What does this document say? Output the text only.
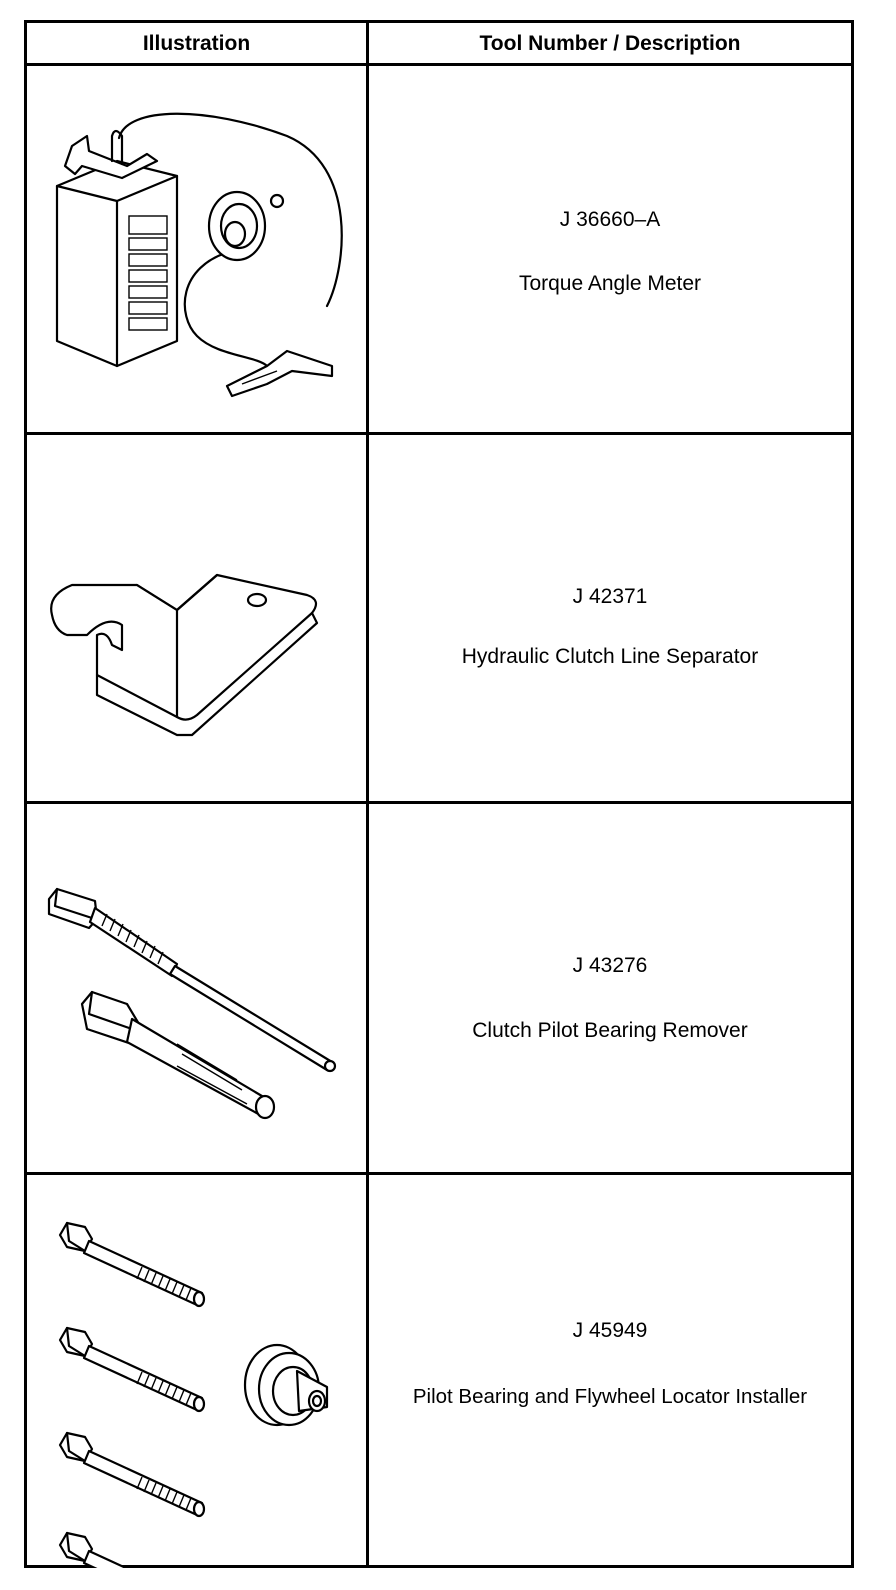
Illustration	Tool Number / Description
J 36660–A
Torque Angle Meter
J 42371
Hydraulic Clutch Line Separator
J 43276
Clutch Pilot Bearing Remover
J 45949
Pilot Bearing and Flywheel Locator Installer
